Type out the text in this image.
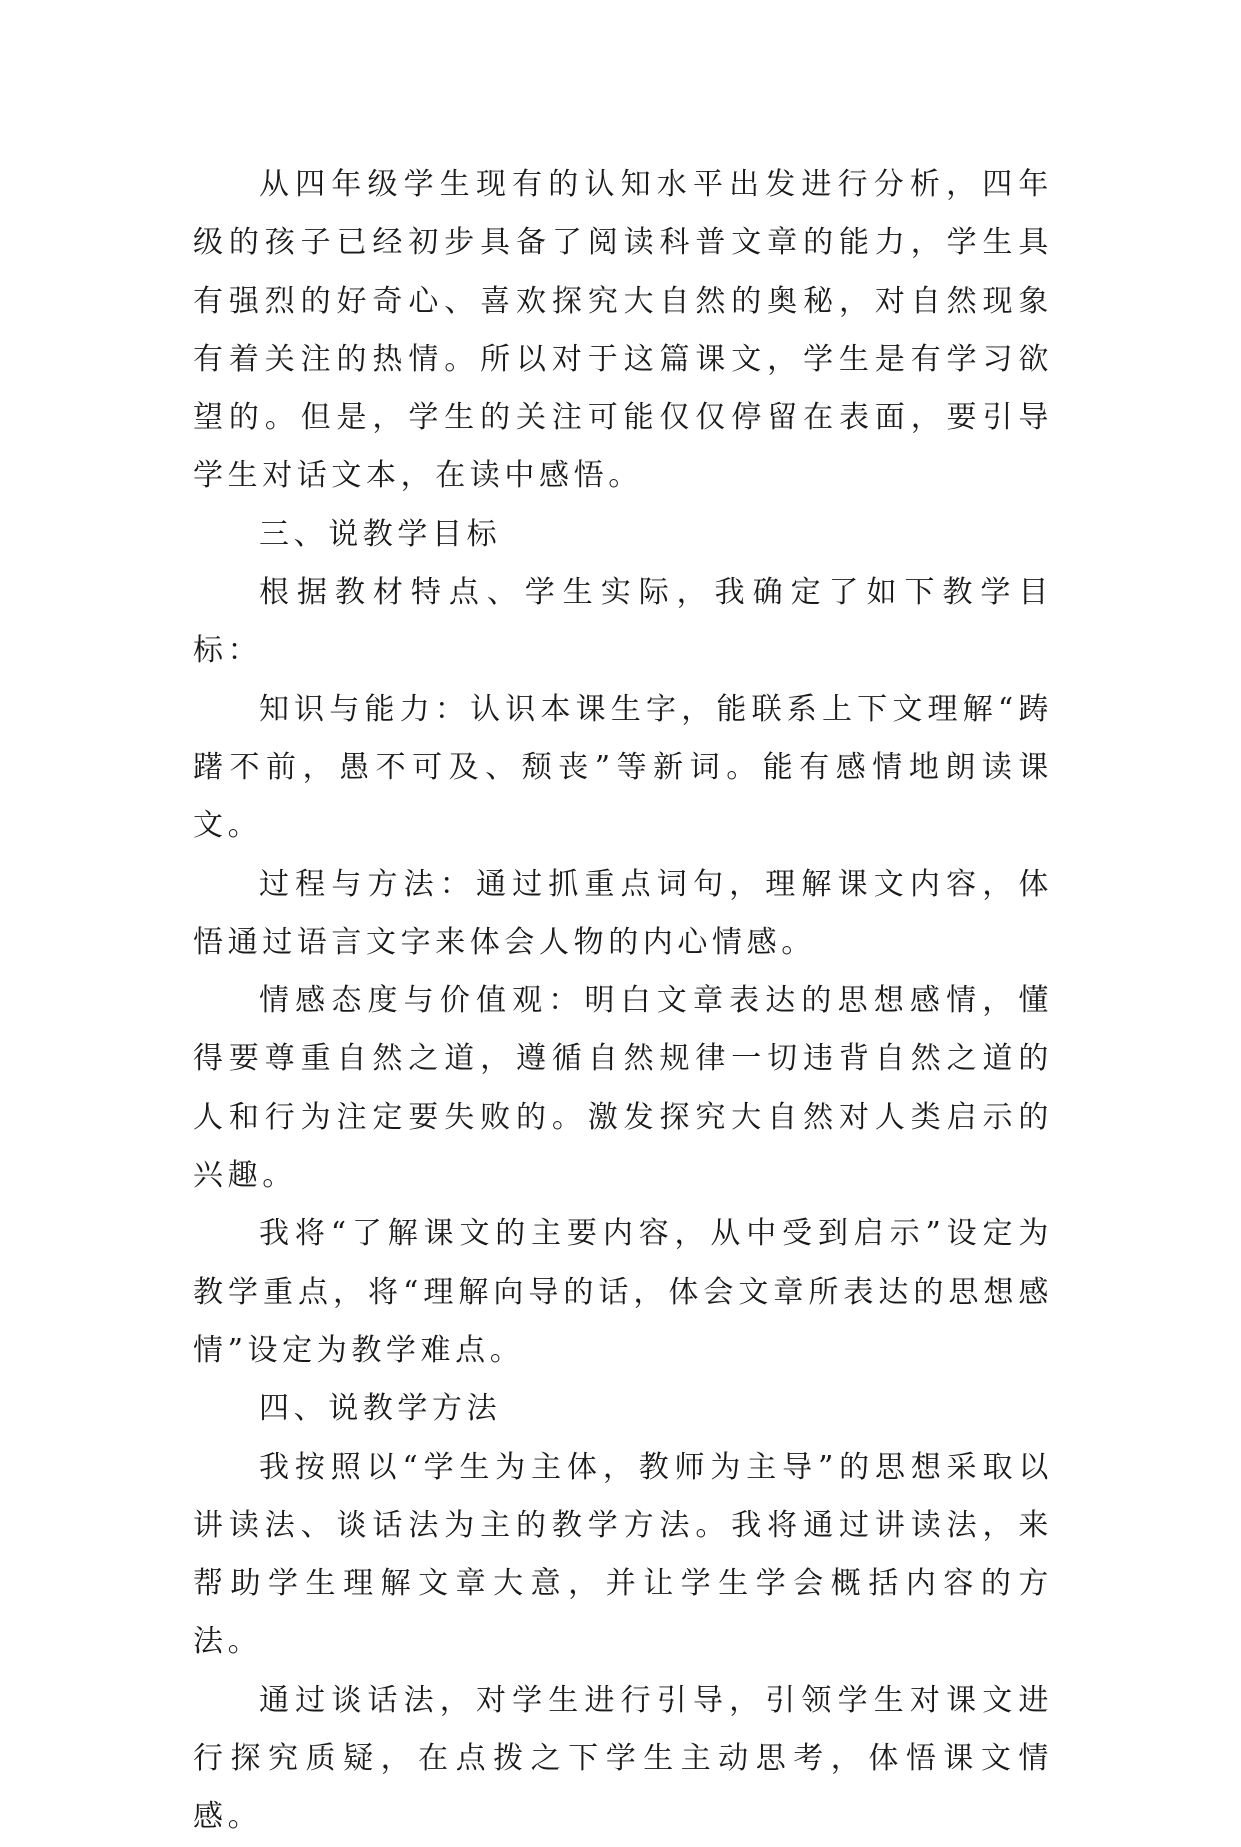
从四年级学生现有的认知水平出发进行分析，四年级的孩子已经初步具备了阅读科普文章的能力，学生具有强烈的好奇心、喜欢探究大自然的奥秘，对自然现象有着关注的热情。所以对于这篇课文，学生是有学习欲望的。但是，学生的关注可能仅仅停留在表面，要引导学生对话文本，在读中感悟。

三、说教学目标

根据教材特点、学生实际，我确定了如下教学目标：

知识与能力：认识本课生字，能联系上下文理解“踌躇不前，愚不可及、颓丧”等新词。能有感情地朗读课文。

过程与方法：通过抓重点词句，理解课文内容，体悟通过语言文字来体会人物的内心情感。

情感态度与价值观：明白文章表达的思想感情，懂得要尊重自然之道，遵循自然规律一切违背自然之道的人和行为注定要失败的。激发探究大自然对人类启示的兴趣。

我将“了解课文的主要内容，从中受到启示”设定为教学重点，将“理解向导的话，体会文章所表达的思想感情”设定为教学难点。

四、说教学方法

我按照以“学生为主体，教师为主导”的思想采取以讲读法、谈话法为主的教学方法。我将通过讲读法，来帮助学生理解文章大意，并让学生学会概括内容的方法。

通过谈话法，对学生进行引导，引领学生对课文进行探究质疑，在点拨之下学生主动思考，体悟课文情感。
